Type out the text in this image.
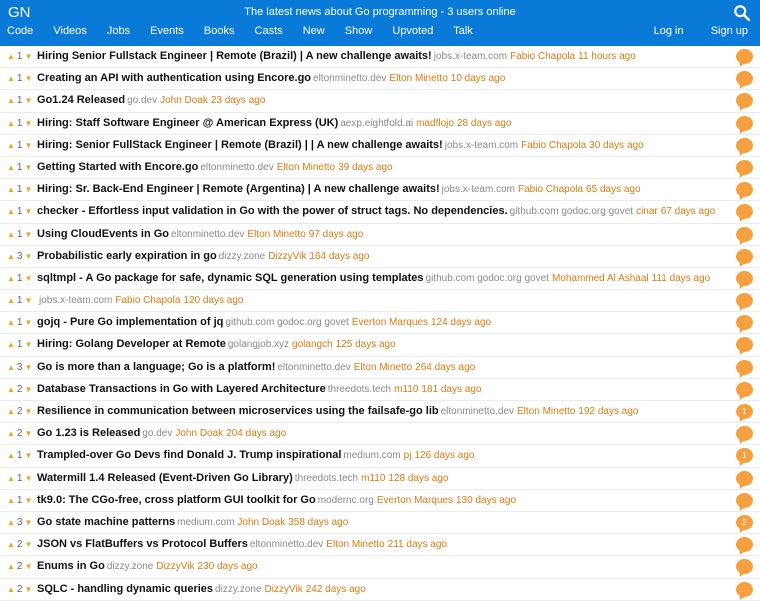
GN	The latest news about Go programming - 3 users online
Code Videos Jobs Events Books Casts New Show Upvoted Talk	Log in Sign up
▲ 1 ▼ Hiring Senior Fullstack Engineer | Remote (Brazil) | A new challenge awaits! jobs.x-team.com Fabio Chapola 11 hours ago
▲ 1 ▼ Creating an API with authentication using Encore.go eltonminetto.dev Elton Minetto 10 days ago
▲ 1 ▼ Go1.24 Released go.dev John Doak 23 days ago
▲ 1 ▼ Hiring: Staff Software Engineer @ American Express (UK) aexp.eightfold.ai madflojo 28 days ago
▲ 1 ▼ Hiring: Senior FullStack Engineer | Remote (Brazil) | | A new challenge awaits! jobs.x-team.com Fabio Chapola 30 days ago
▲ 1 ▼ Getting Started with Encore.go eltonminetto.dev Elton Minetto 39 days ago
▲ 1 ▼ Hiring: Sr. Back-End Engineer | Remote (Argentina) | A new challenge awaits! jobs.x-team.com Fabio Chapola 65 days ago
▲ 1 ▼ checker - Effortless input validation in Go with the power of struct tags. No dependencies. github.com godoc.org govet cinar 67 days ago
▲ 1 ▼ Using CloudEvents in Go eltonminetto.dev Elton Minetto 97 days ago
▲ 3 ▼ Probabilistic early expiration in go dizzy.zone DizzyVik 164 days ago
▲ 1 ▼ sqltmpl - A Go package for safe, dynamic SQL generation using templates github.com godoc.org govet Mohammed Al Ashaal 111 days ago
▲ 1 ▼ jobs.x-team.com Fabio Chapola 120 days ago
▲ 1 ▼ gojq - Pure Go implementation of jq github.com godoc.org govet Everton Marques 124 days ago
▲ 1 ▼ Hiring: Golang Developer at Remote golangjob.xyz golangch 125 days ago
▲ 3 ▼ Go is more than a language; Go is a platform! eltonminetto.dev Elton Minetto 264 days ago
▲ 2 ▼ Database Transactions in Go with Layered Architecture threedots.tech m110 181 days ago
▲ 2 ▼ Resilience in communication between microservices using the failsafe-go lib eltonminetto.dev Elton Minetto 192 days ago	1
▲ 2 ▼ Go 1.23 is Released go.dev John Doak 204 days ago
▲ 1 ▼ Trampled-over Go Devs find Donald J. Trump inspirational medium.com pj 126 days ago	1
▲ 1 ▼ Watermill 1.4 Released (Event-Driven Go Library) threedots.tech m110 128 days ago
▲ 1 ▼ tk9.0: The CGo-free, cross platform GUI toolkit for Go modernc.org Everton Marques 130 days ago
▲ 3 ▼ Go state machine patterns medium.com John Doak 358 days ago	2
▲ 2 ▼ JSON vs FlatBuffers vs Protocol Buffers eltonminetto.dev Elton Minetto 211 days ago
▲ 2 ▼ Enums in Go dizzy.zone DizzyVik 230 days ago
▲ 2 ▼ SQLC - handling dynamic queries dizzy.zone DizzyVik 242 days ago
